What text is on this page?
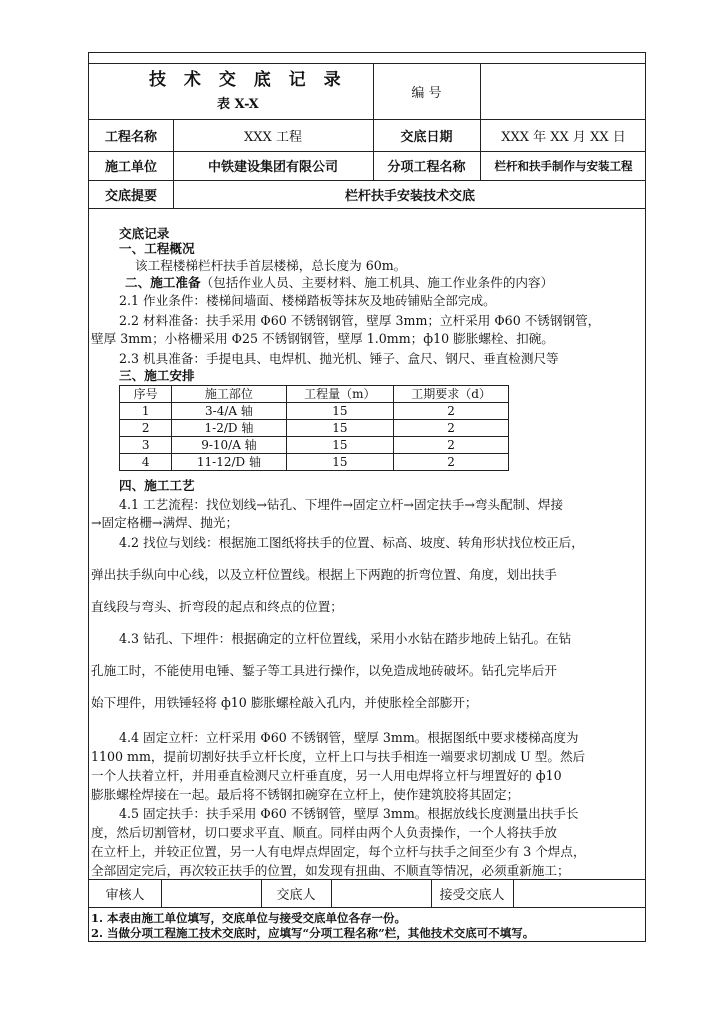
技 术 交 底 记 录
表 X-X
编 号
工程名称	XXX 工程	交底日期	XXX 年 XX 月 XX 日
施工单位	中铁建设集团有限公司	分项工程名称	栏杆和扶手制作与安装工程
交底提要	栏杆扶手安装技术交底
交底记录
一、工程概况
该工程楼梯栏杆扶手首层楼梯，总长度为 60m。
二、施工准备（包括作业人员、主要材料、施工机具、施工作业条件的内容）
2.1 作业条件：楼梯间墙面、楼梯踏板等抹灰及地砖铺贴全部完成。
2.2 材料准备：扶手采用 Φ60 不锈钢钢管，壁厚 3mm；立杆采用 Φ60 不锈钢钢管，
壁厚 3mm；小格栅采用 Φ25 不锈钢钢管，壁厚 1.0mm；ф10 膨胀螺栓、扣碗。
2.3 机具准备：手提电具、电焊机、抛光机、锤子、盒尺、钢尺、垂直检测尺等
三、施工安排
序号	施工部位	工程量（m）	工期要求（d）
1	3-4/A 轴	15	2
2	1-2/D 轴	15	2
3	9-10/A 轴	15	2
4	11-12/D 轴	15	2
四、施工工艺
4.1 工艺流程：找位划线→钻孔、下埋件→固定立杆→固定扶手→弯头配制、焊接
→固定格栅→满焊、抛光；
4.2 找位与划线：根据施工图纸将扶手的位置、标高、坡度、转角形状找位校正后，
弹出扶手纵向中心线，以及立杆位置线。根据上下两跑的折弯位置、角度，划出扶手
直线段与弯头、折弯段的起点和终点的位置；
4.3 钻孔、下埋件：根据确定的立杆位置线，采用小水钻在踏步地砖上钻孔。在钻
孔施工时，不能使用电锤、錾子等工具进行操作，以免造成地砖破坏。钻孔完毕后开
始下埋件，用铁锤轻将 ф10 膨胀螺栓敲入孔内，并使胀栓全部膨开；
4.4 固定立杆：立杆采用 Φ60 不锈钢管，壁厚 3mm。根据图纸中要求楼梯高度为
1100 mm，提前切割好扶手立杆长度，立杆上口与扶手相连一端要求切割成 U 型。然后
一个人扶着立杆，并用垂直检测尺立杆垂直度，另一人用电焊将立杆与埋置好的 ф10
膨胀螺栓焊接在一起。最后将不锈钢扣碗穿在立杆上，使作建筑胶将其固定；
4.5 固定扶手：扶手采用 Φ60 不锈钢管，壁厚 3mm。根据放线长度测量出扶手长
度，然后切割管材，切口要求平直、顺直。同样由两个人负责操作，一个人将扶手放
在立杆上，并较正位置，另一人有电焊点焊固定，每个立杆与扶手之间至少有 3 个焊点，
全部固定完后，再次较正扶手的位置，如发现有扭曲、不顺直等情况，必须重新施工；
审核人	交底人	接受交底人
1. 本表由施工单位填写，交底单位与接受交底单位各存一份。
2. 当做分项工程施工技术交底时，应填写“分项工程名称”栏，其他技术交底可不填写。
